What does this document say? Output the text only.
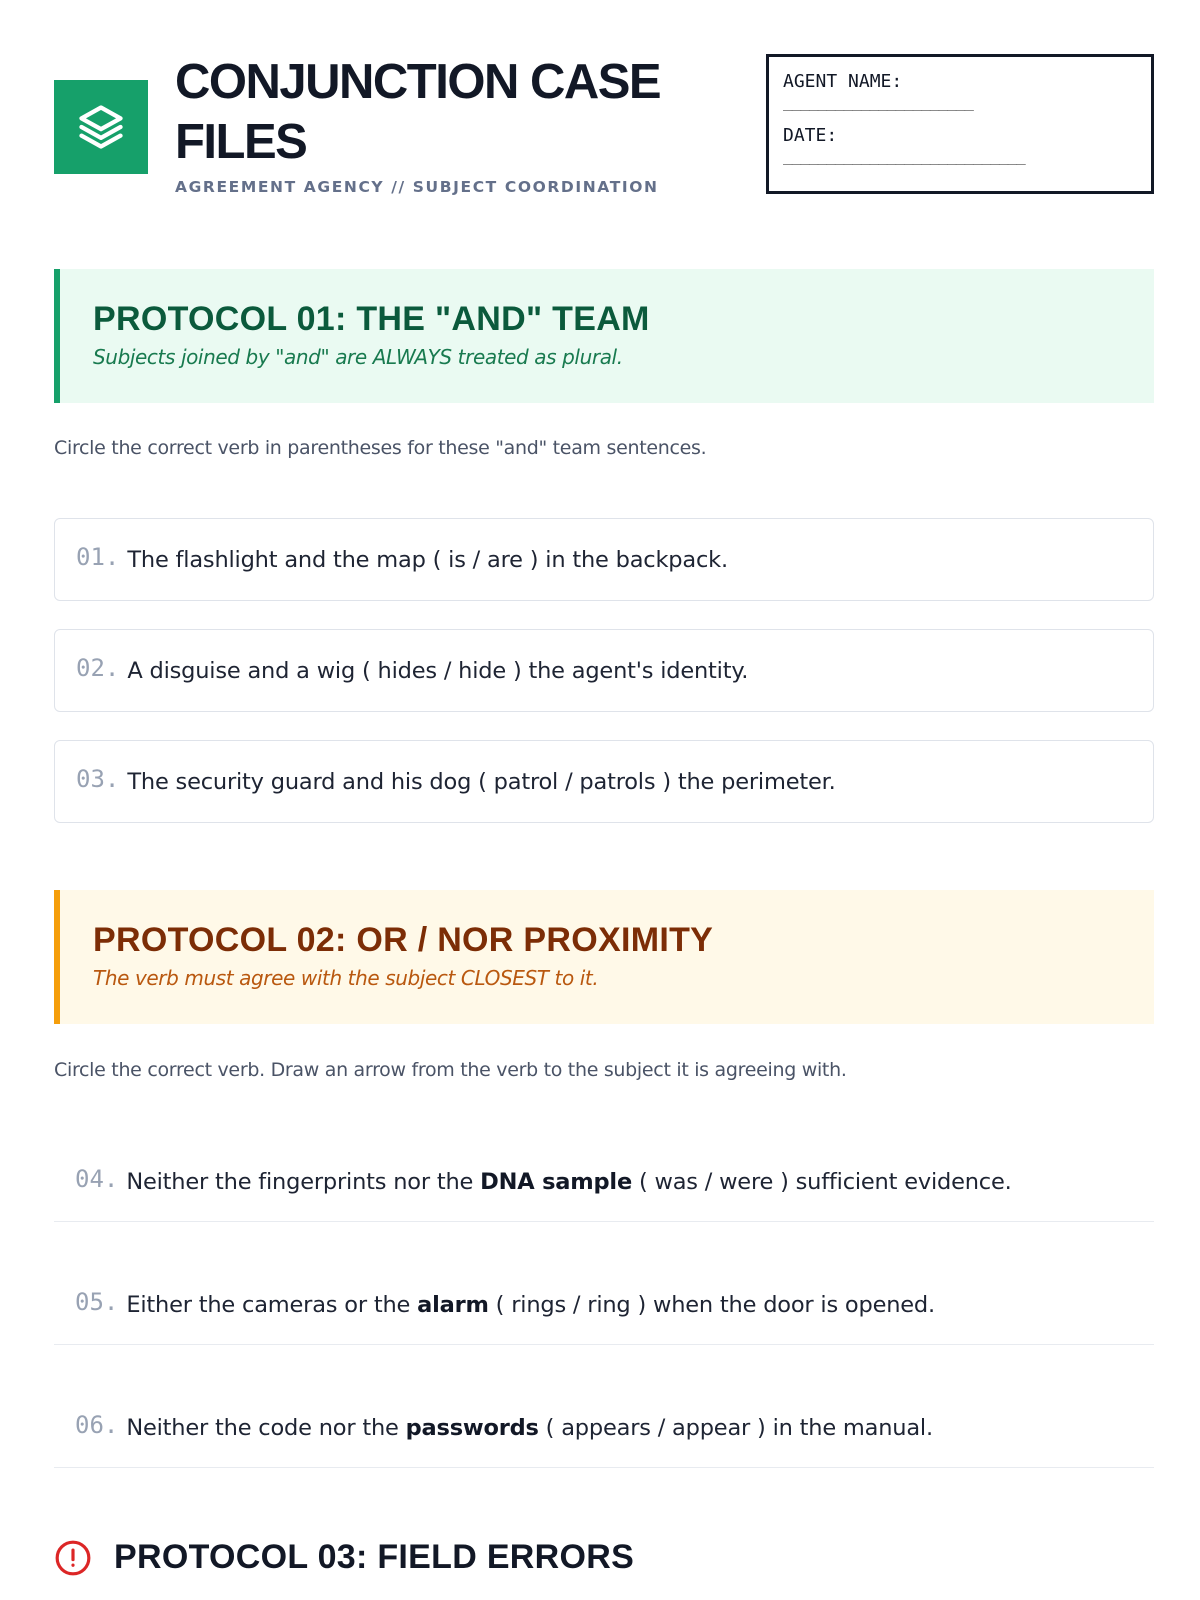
CONJUNCTION CASE FILES
AGREEMENT AGENCY // SUBJECT COORDINATION
AGENT NAME:
______________________
DATE:
____________________________
PROTOCOL 01: THE "AND" TEAM
Subjects joined by "and" are ALWAYS treated as plural.
Circle the correct verb in parentheses for these "and" team sentences.
01. The flashlight and the map ( is / are ) in the backpack.
02. A disguise and a wig ( hides / hide ) the agent's identity.
03. The security guard and his dog ( patrol / patrols ) the perimeter.
PROTOCOL 02: OR / NOR PROXIMITY
The verb must agree with the subject CLOSEST to it.
Circle the correct verb. Draw an arrow from the verb to the subject it is agreeing with.
04. Neither the fingerprints nor the DNA sample ( was / were ) sufficient evidence.
05. Either the cameras or the alarm ( rings / ring ) when the door is opened.
06. Neither the code nor the passwords ( appears / appear ) in the manual.
PROTOCOL 03: FIELD ERRORS
